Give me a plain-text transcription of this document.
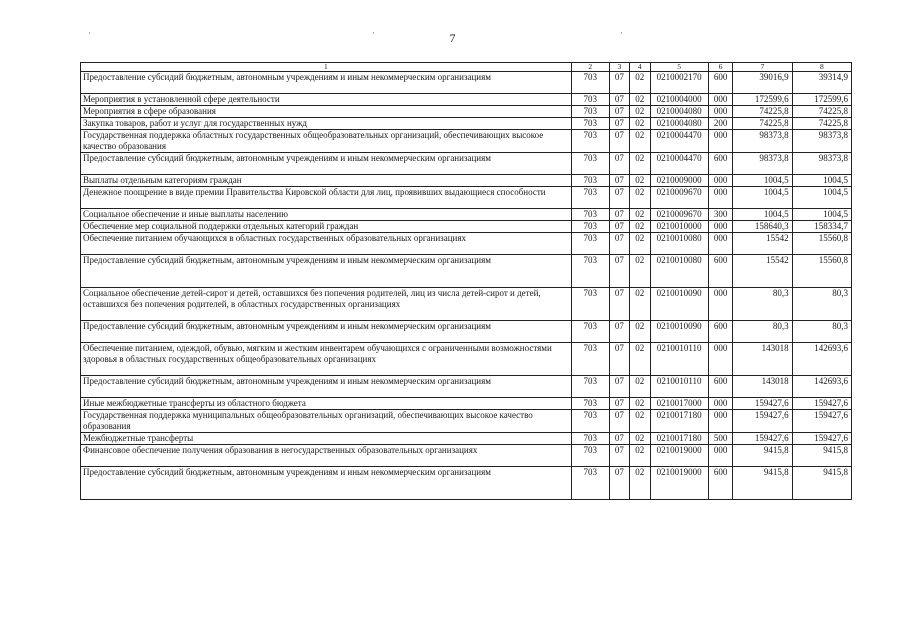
7
·	·	·
1	2	3	4	5	6	7	8
Предоставление субсидий бюджетным, автономным учреждениям и иным некоммерческим организациям	703	07	02	0210002170	600	39016,9	39314,9
Мероприятия в установленной сфере деятельности	703	07	02	0210004000	000	172599,6	172599,6
Мероприятия в сфере образования	703	07	02	0210004080	000	74225,8	74225,8
Закупка товаров, работ и услуг для государственных нужд	703	07	02	0210004080	200	74225,8	74225,8
Государственная поддержка областных государственных общеобразовательных организаций, обеспечивающих высокое качество образования	703	07	02	0210004470	000	98373,8	98373,8
Предоставление субсидий бюджетным, автономным учреждениям и иным некоммерческим организациям	703	07	02	0210004470	600	98373,8	98373,8
Выплаты отдельным категориям граждан	703	07	02	0210009000	000	1004,5	1004,5
Денежное поощрение в виде премии Правительства Кировской области для лиц, проявивших выдающиеся способности	703	07	02	0210009670	000	1004,5	1004,5
Социальное обеспечение и иные выплаты населению	703	07	02	0210009670	300	1004,5	1004,5
Обеспечение мер социальной поддержки отдельных категорий граждан	703	07	02	0210010000	000	158640,3	158334,7
Обеспечение питанием обучающихся в областных государственных образовательных организациях	703	07	02	0210010080	000	15542	15560,8
Предоставление субсидий бюджетным, автономным учреждениям и иным некоммерческим организациям	703	07	02	0210010080	600	15542	15560,8
Социальное обеспечение детей-сирот и детей, оставшихся без попечения родителей, лиц из числа детей-сирот и детей, оставшихся без попечения родителей, в областных государственных организациях	703	07	02	0210010090	000	80,3	80,3
Предоставление субсидий бюджетным, автономным учреждениям и иным некоммерческим организациям	703	07	02	0210010090	600	80,3	80,3
Обеспечение питанием, одеждой, обувью, мягким и жестким инвентарем обучающихся с ограниченными возможностями здоровья в областных государственных общеобразовательных организациях	703	07	02	0210010110	000	143018	142693,6
Предоставление субсидий бюджетным, автономным учреждениям и иным некоммерческим организациям	703	07	02	0210010110	600	143018	142693,6
Иные межбюджетные трансферты из областного бюджета	703	07	02	0210017000	000	159427,6	159427,6
Государственная поддержка муниципальных общеобразовательных организаций, обеспечивающих высокое качество образования	703	07	02	0210017180	000	159427,6	159427,6
Межбюджетные трансферты	703	07	02	0210017180	500	159427,6	159427,6
Финансовое обеспечение получения образования в негосударственных образовательных организациях	703	07	02	0210019000	000	9415,8	9415,8
Предоставление субсидий бюджетным, автономным учреждениям и иным некоммерческим организациям	703	07	02	0210019000	600	9415,8	9415,8
